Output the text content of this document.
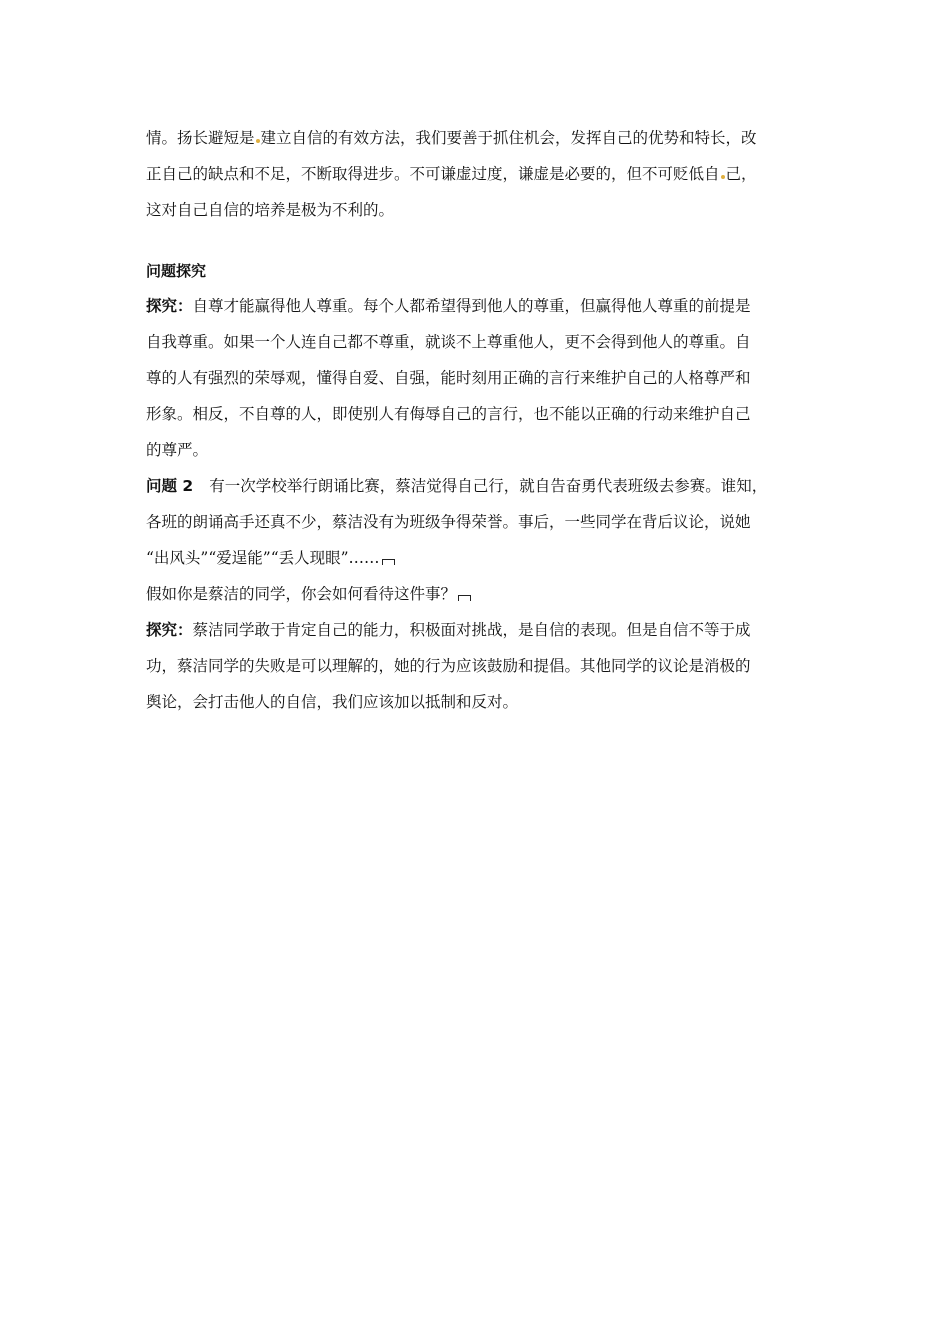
情。扬长避短是 建立自信的有效方法，我们要善于抓住机会，发挥自己的优势和特长，改
正自己的缺点和不足，不断取得进步。不可谦虚过度，谦虚是必要的，但不可贬低自 己，
这对自己自信的培养是极为不利的。
问题探究
探究：自尊才能赢得他人尊重。每个人都希望得到他人的尊重，但赢得他人尊重的前提是
自我尊重。如果一个人连自己都不尊重，就谈不上尊重他人，更不会得到他人的尊重。自
尊的人有强烈的荣辱观，懂得自爱、自强，能时刻用正确的言行来维护自己的人格尊严和
形象。相反，不自尊的人，即使别人有侮辱自己的言行，也不能以正确的行动来维护自己
的尊严。
问题 2 有一次学校举行朗诵比赛，蔡洁觉得自己行，就自告奋勇代表班级去参赛。谁知，
各班的朗诵高手还真不少，蔡洁没有为班级争得荣誉。事后，一些同学在背后议论，说她
“出风头”“爱逞能”“丢人现眼”……
假如你是蔡洁的同学，你会如何看待这件事？
探究：蔡洁同学敢于肯定自己的能力，积极面对挑战，是自信的表现。但是自信不等于成
功，蔡洁同学的失败是可以理解的，她的行为应该鼓励和提倡。其他同学的议论是消极的
舆论，会打击他人的自信，我们应该加以抵制和反对。
